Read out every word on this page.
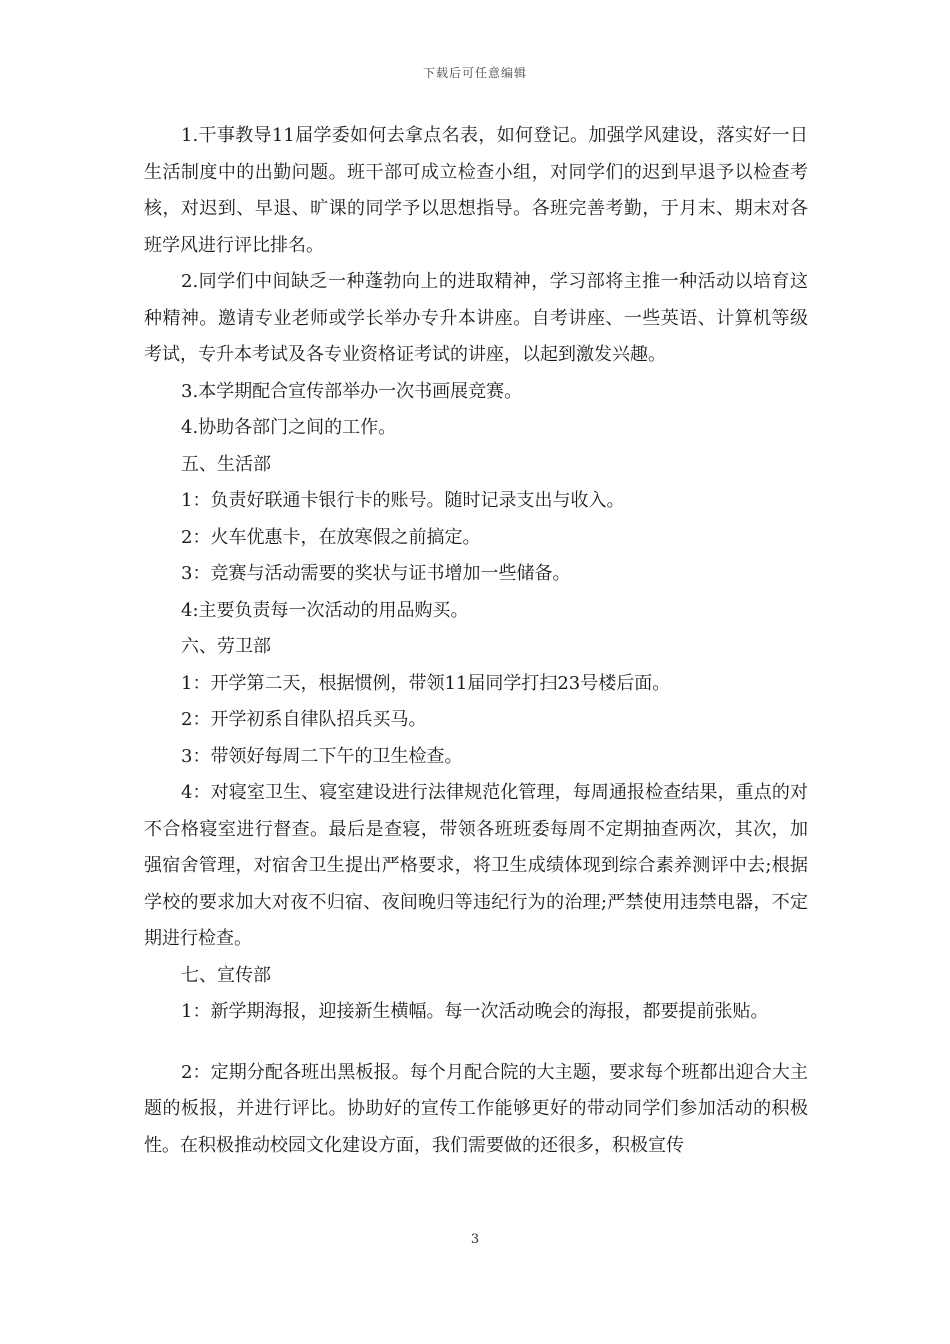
下载后可任意编辑

1.干事教导11届学委如何去拿点名表，如何登记。加强学风建设，落实好一日生活制度中的出勤问题。班干部可成立检查小组，对同学们的迟到早退予以检查考核，对迟到、早退、旷课的同学予以思想指导。各班完善考勤，于月末、期末对各班学风进行评比排名。

2.同学们中间缺乏一种蓬勃向上的进取精神，学习部将主推一种活动以培育这种精神。邀请专业老师或学长举办专升本讲座。自考讲座、一些英语、计算机等级考试，专升本考试及各专业资格证考试的讲座，以起到激发兴趣。

3.本学期配合宣传部举办一次书画展竞赛。

4.协助各部门之间的工作。

五、生活部

1：负责好联通卡银行卡的账号。随时记录支出与收入。

2：火车优惠卡，在放寒假之前搞定。

3：竞赛与活动需要的奖状与证书增加一些储备。

4:主要负责每一次活动的用品购买。

六、劳卫部

1：开学第二天，根据惯例，带领11届同学打扫23号楼后面。

2：开学初系自律队招兵买马。

3：带领好每周二下午的卫生检查。

4：对寝室卫生、寝室建设进行法律规范化管理，每周通报检查结果，重点的对不合格寝室进行督查。最后是查寝，带领各班班委每周不定期抽查两次，其次，加强宿舍管理，对宿舍卫生提出严格要求，将卫生成绩体现到综合素养测评中去;根据学校的要求加大对夜不归宿、夜间晚归等违纪行为的治理;严禁使用违禁电器，不定期进行检查。

七、宣传部

1：新学期海报，迎接新生横幅。每一次活动晚会的海报，都要提前张贴。

2：定期分配各班出黑板报。每个月配合院的大主题，要求每个班都出迎合大主题的板报，并进行评比。协助好的宣传工作能够更好的带动同学们参加活动的积极性。在积极推动校园文化建设方面，我们需要做的还很多，积极宣传

3
